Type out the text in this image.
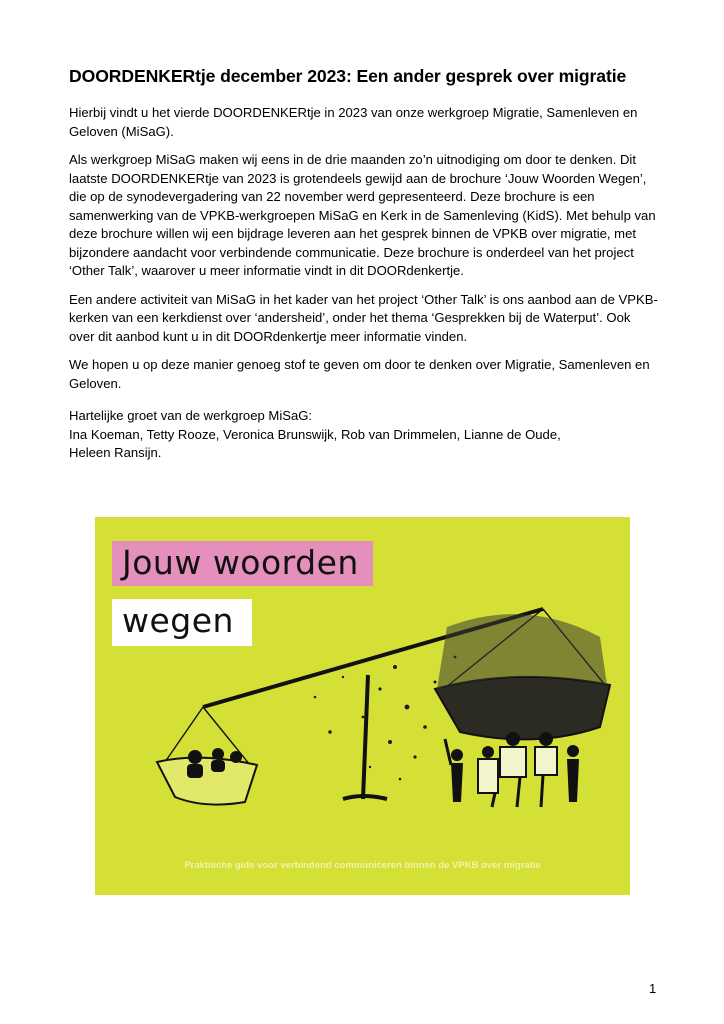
DOORDENKERtje december 2023: Een ander gesprek over migratie

Hierbij vindt u het vierde DOORDENKERtje in 2023 van onze werkgroep Migratie, Samenleven en Geloven (MiSaG).

Als werkgroep MiSaG maken wij eens in de drie maanden zo’n uitnodiging om door te denken. Dit laatste DOORDENKERtje van 2023 is grotendeels gewijd aan de brochure ‘Jouw Woorden Wegen’, die op de synodevergadering van 22 november werd gepresenteerd. Deze brochure is een samenwerking van de VPKB-werkgroepen MiSaG en Kerk in de Samenleving (KidS). Met behulp van deze brochure willen wij een bijdrage leveren aan het gesprek binnen de VPKB over migratie, met bijzondere aandacht voor verbindende communicatie. Deze brochure is onderdeel van het project ‘Other Talk’, waarover u meer informatie vindt in dit DOORdenkertje.

Een andere activiteit van MiSaG in het kader van het project ‘Other Talk’ is ons aanbod aan de VPKB-kerken van een kerkdienst over ‘andersheid’, onder het thema ‘Gesprekken bij de Waterput’. Ook over dit aanbod kunt u in dit DOORdenkertje meer informatie vinden.

We hopen u op deze manier genoeg stof te geven om door te denken over Migratie, Samenleven en Geloven.

Hartelijke groet van de werkgroep MiSaG:
Ina Koeman, Tetty Rooze, Veronica Brunswijk, Rob van Drimmelen, Lianne de Oude,
Heleen Ransijn.

Jouw woorden
wegen
Praktische gids voor verbindend communiceren binnen de VPKB over migratie
1
